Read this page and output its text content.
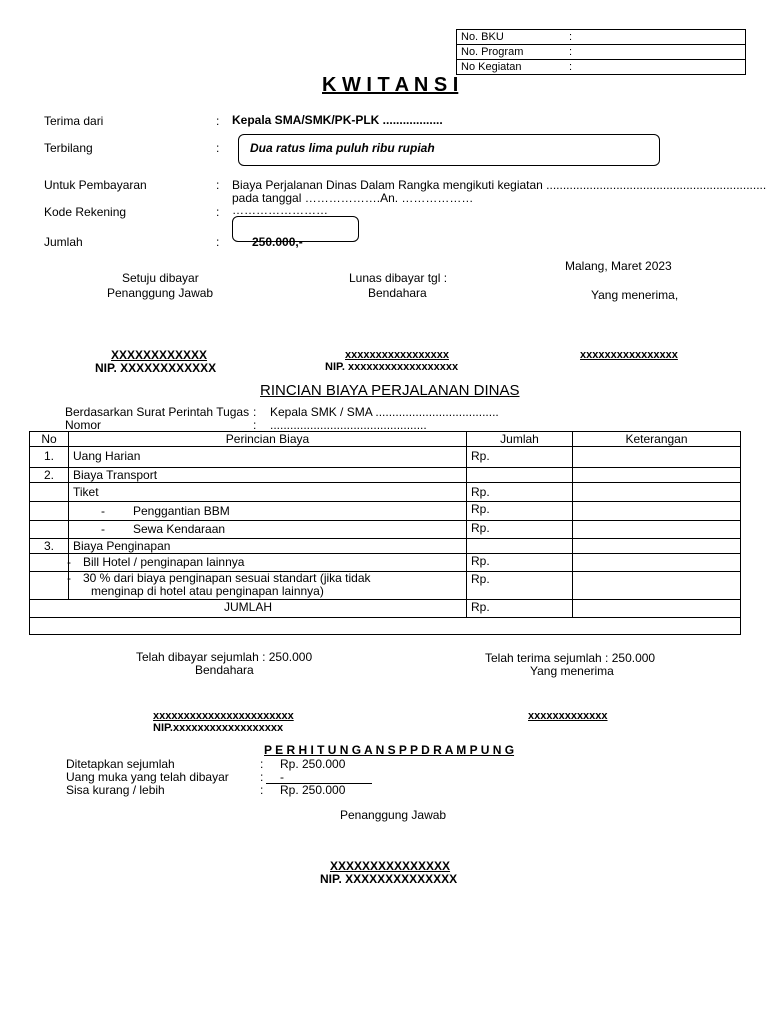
No. BKU	:
No. Program	:
No Kegiatan	:
K W I T A N S I
Terima dari	: Kepala SMA/SMK/PK-PLK ..................
Terbilang	:	Dua ratus lima puluh ribu rupiah
Untuk Pembayaran	: Biaya Perjalanan Dinas Dalam Rangka mengikuti kegiatan ..................................................................
pada tanggal ……………….An. ………………
Kode Rekening	: ……………………
Jumlah	:	250.000,-
Malang, Maret 2023
Setuju dibayar
Penanggung Jawab
Lunas dibayar tgl :
Bendahara	Yang menerima,
XXXXXXXXXXXX
NIP. XXXXXXXXXXXX
xxxxxxxxxxxxxxxxx
NIP. xxxxxxxxxxxxxxxxxx
xxxxxxxxxxxxxxxx
RINCIAN BIAYA PERJALANAN DINAS
Berdasarkan Surat Perintah Tugas : Kepala SMK / SMA .....................................
Nomor	: ...............................................
No	Perincian Biaya	Jumlah	Keterangan
1.	Uang Harian	Rp.	
2.	Biaya Transport		
	Tiket	Rp.	
	- Penggantian BBM	Rp.	
	- Sewa Kendaraan	Rp.	
3.	Biaya Penginapan		
	- Bill Hotel / penginapan lainnya	Rp.	
	- 30 % dari biaya penginapan sesuai standart (jika tidak
menginap di hotel atau penginapan lainnya)	Rp.	
JUMLAH		Rp.	

Telah dibayar sejumlah : 250.000
Bendahara
Telah terima sejumlah : 250.000
Yang menerima
xxxxxxxxxxxxxxxxxxxxxxx
NIP.xxxxxxxxxxxxxxxxxx
xxxxxxxxxxxxx
P E R H I T U N G A N S P P D R A M P U N G
Ditetapkan sejumlah	: Rp. 250.000
Uang muka yang telah dibayar	: -
Sisa kurang / lebih	: Rp. 250.000
Penanggung Jawab
XXXXXXXXXXXXXXX
NIP. XXXXXXXXXXXXXX
